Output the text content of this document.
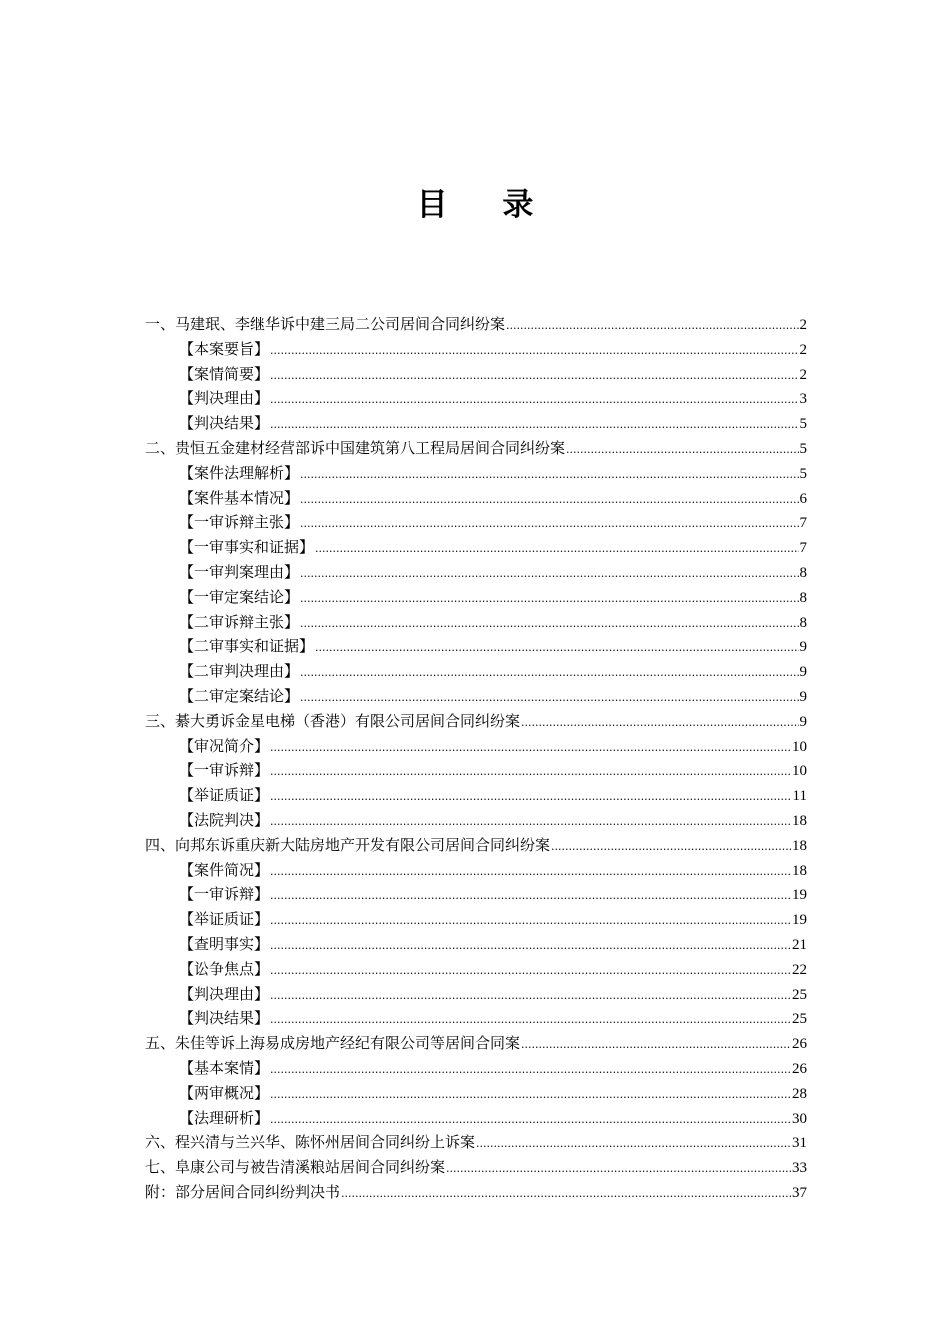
目 录
一、马建珉、李继华诉中建三局二公司居间合同纠纷案 .....	2
【本案要旨】 .....	2
【案情简要】 .....	2
【判决理由】 .....	3
【判决结果】 .....	5
二、贵恒五金建材经营部诉中国建筑第八工程局居间合同纠纷案 .....	5
【案件法理解析】 .....	5
【案件基本情况】 .....	6
【一审诉辩主张】 .....	7
【一审事实和证据】 .....	7
【一审判案理由】 .....	8
【一审定案结论】 .....	8
【二审诉辩主张】 .....	8
【二审事实和证据】 .....	9
【二审判决理由】 .....	9
【二审定案结论】 .....	9
三、綦大勇诉金星电梯（香港）有限公司居间合同纠纷案 .....	9
【审况简介】 .....	10
【一审诉辩】 .....	10
【举证质证】 .....	11
【法院判决】 .....	18
四、向邦东诉重庆新大陆房地产开发有限公司居间合同纠纷案 .....	18
【案件简况】 .....	18
【一审诉辩】 .....	19
【举证质证】 .....	19
【查明事实】 .....	21
【讼争焦点】 .....	22
【判决理由】 .....	25
【判决结果】 .....	25
五、朱佳等诉上海易成房地产经纪有限公司等居间合同案 .....	26
【基本案情】 .....	26
【两审概况】 .....	28
【法理研析】 .....	30
六、程兴清与兰兴华、陈怀州居间合同纠纷上诉案 .....	31
七、阜康公司与被告清溪粮站居间合同纠纷案 .....	33
附：部分居间合同纠纷判决书 .....	37
